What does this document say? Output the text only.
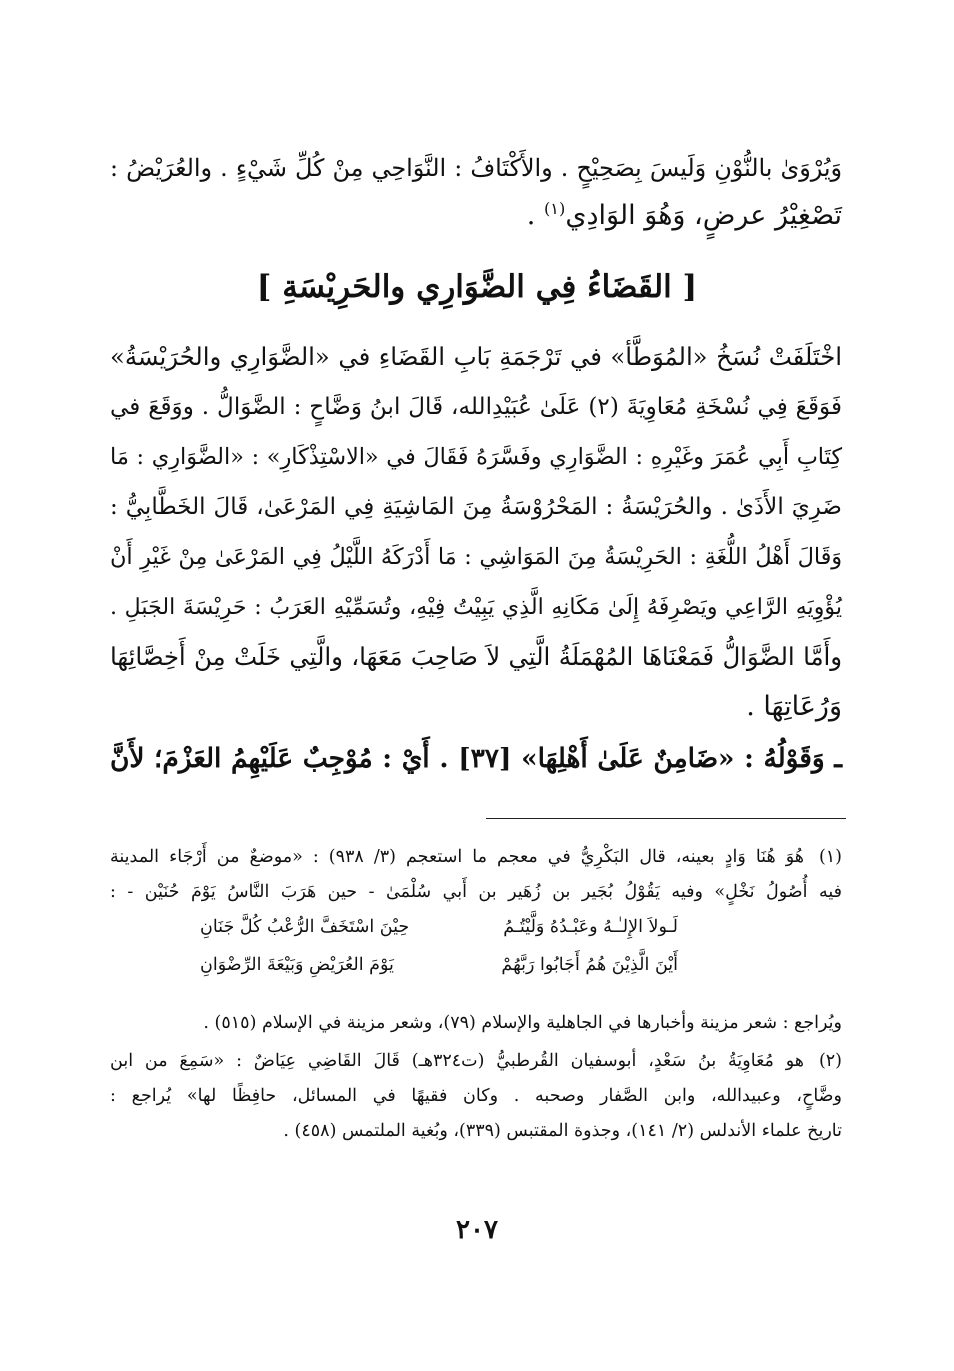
وَيُرْوَىٰ بالنُّوْنِ وَلَيسَ بِصَحِيْحٍ . والأَكْتَافُ : النَّوَاحِي مِنْ كُلِّ شَيْءٍ . والعُرَيْضُ :
تَصْغِيْرُ عرضٍ، وَهُوَ الوَادِي$^{(١)}$ .
[ القَضَاءُ فِي الضَّوَارِي والحَرِيْسَةِ ]
اخْتَلَفَتْ نُسَخُ «المُوَطَّأ» في تَرْجَمَةِ بَابِ القَضَاءِ في «الضَّوَارِي والحُرَيْسَةُ»
فَوَقَعَ فِي نُسْخَةِ مُعَاوِيَةَ (٢) عَلَىٰ عُبَيْدِالله، قَالَ ابنُ وَضَّاحٍ : الضَّوَالُّ . ووَقَعَ في
كِتَابِ أَبِي عُمَرَ وغَيْرِهِ : الضَّوَارِي وفَسَّرَهُ فَقَالَ في «الاسْتِذْكَارِ» : «الضَّوَارِي : مَا
ضَرِيَ الأَذَىٰ . والحُرَيْسَةُ : المَحْرُوْسَةُ مِنَ المَاشِيَةِ فِي المَرْعَىٰ، قَالَ الخَطَّابِيُّ :
وَقَالَ أَهْلُ اللُّغَةِ : الحَرِيْسَةُ مِنَ المَوَاشِي : مَا أَدْرَكَهُ اللَّيْلُ فِي المَرْعَىٰ مِنْ غَيْرِ أَنْ
يُؤْوِيَهِ الرَّاعِي ويَصْرِفَهُ إِلَىٰ مَكَانِهِ الَّذِي يَبِيْتُ فِيْهِ، وتُسَمِّيْهِ العَرَبُ : حَرِيْسَةَ الجَبَلِ .
وأَمَّا الضَّوَالُّ فَمَعْنَاهَا المُهْمَلَةُ الَّتِي لاَ صَاحِبَ مَعَهَا، والَّتِي خَلَتْ مِنْ أَخِصَّائِهَا
وَرُعَاتِهَا .
ـ وَقَوْلُهُ : «ضَامِنٌ عَلَىٰ أَهْلِهَا» [٣٧] . أَيْ : مُوْجِبٌ عَلَيْهِمُ العَزْمَ؛ لأَنَّ
(١)
هُوَ هُنَا وَادٍ بعينه، قال البَكْرِيُّ في معجم ما استعجم (٣/ ٩٣٨) : «موضعٌ من أَرْجَاء المدينة
فيه أُصُولُ نَخْلٍ» وفيه يَقُوْلُ بُجَير بن زُهَير بن أَبي سُلْمَىٰ - حين هَرَبَ النَّاسُ يَوْمَ حُنَيْن - :
لَـولاَ الإِلـٰـهُ وعَبْـدُهُ وَلَّيْتُـمُ
حِيْنَ اسْتَخَفَّ الرُّعْبُ كُلَّ جَنَانِ
أَيْنَ الَّذِيْنَ هُمُ أَجَابُوا رَبَّهُمْ
يَوْمَ العُرَيْضِ وَبَيْعَةَ الرِّضْوَانِ
ويُراجع : شعر مزينة وأخبارها في الجاهلية والإسلام (٧٩)، وشعر مزينة في الإسلام (٥١٥) .
(٢)
هو مُعَاوِيَةُ بنُ سَعْدٍ، أبوسفيان القُرطبيُّ (ت٣٢٤هـ) قَالَ القَاضِي عِيَاضٌ : «سَمِعَ من ابن
وضَّاحٍ، وعبيدالله، وابن الصَّفار وصحبه . وكان فقيهًا في المسائل، حافِظًا لها» يُراجع :
تاريخ علماء الأندلس (٢/ ١٤١)، وجذوة المقتبس (٣٣٩)، وبُغية الملتمس (٤٥٨) .
٢٠٧
